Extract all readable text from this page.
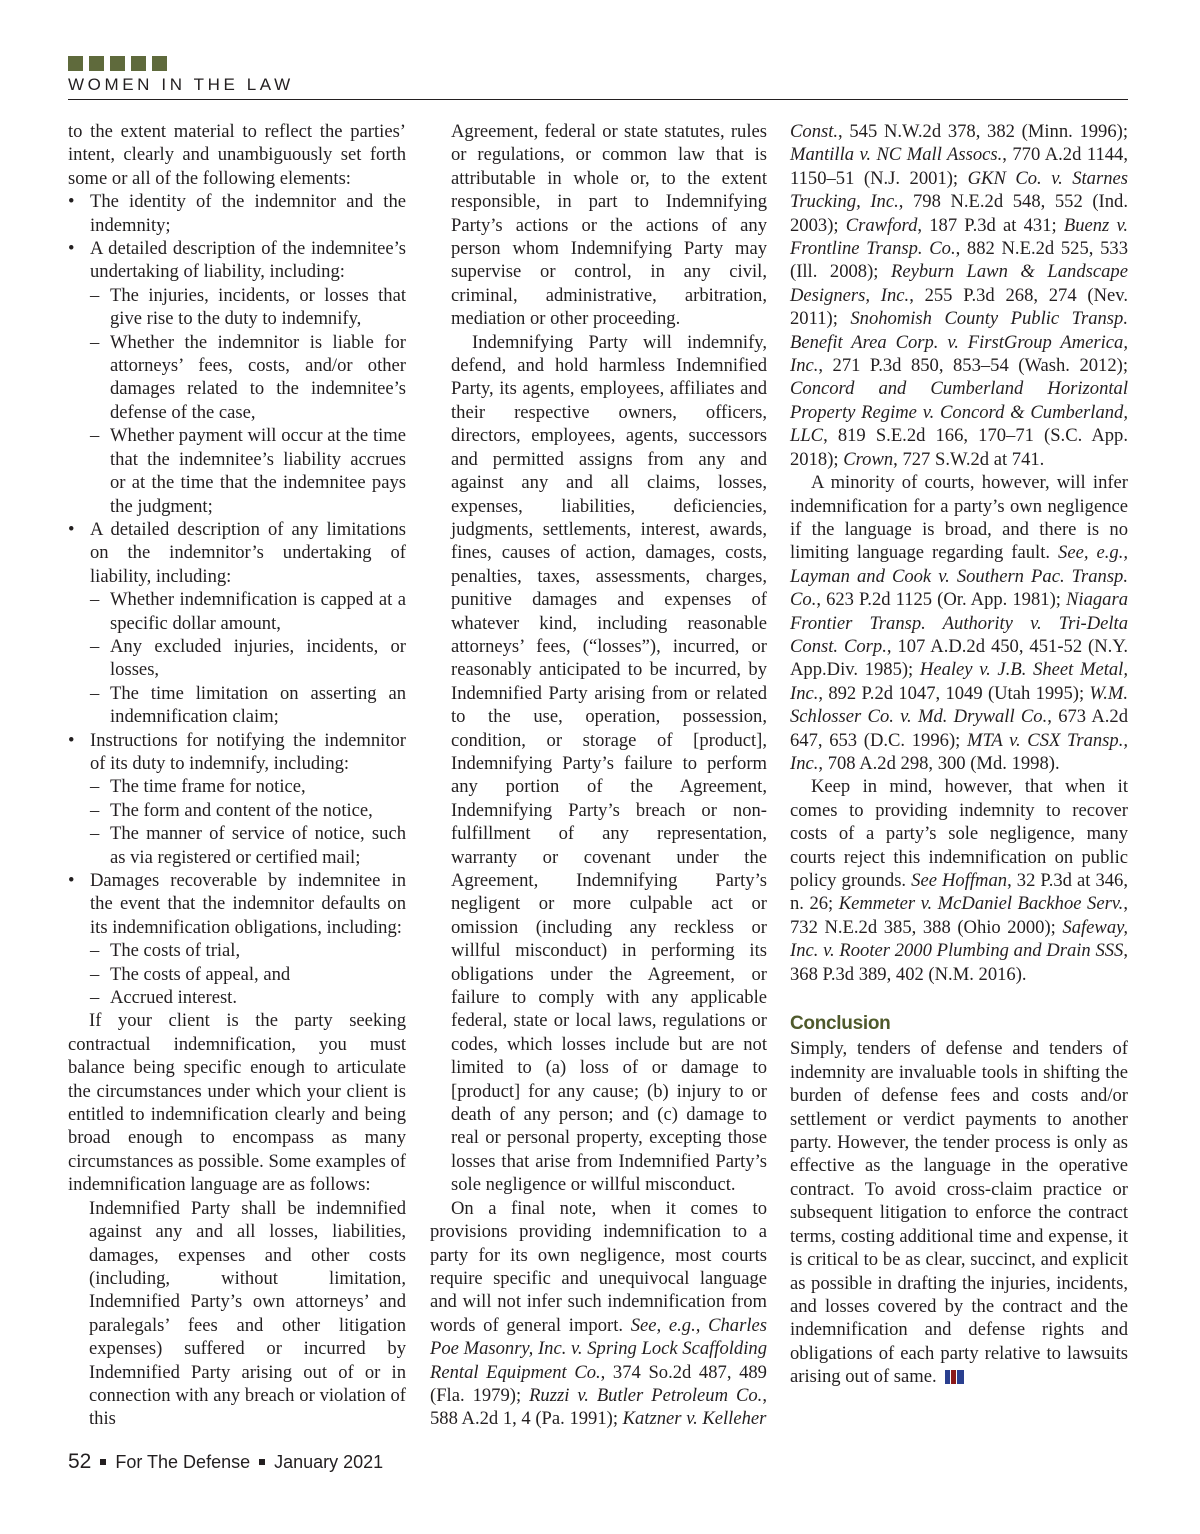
WOMEN IN THE LAW

to the extent material to reflect the parties’ intent, clearly and unambiguously set forth some or all of the following elements:

• The identity of the indemnitor and the indemnity;
• A detailed description of the indemnitee’s undertaking of liability, including:
– The injuries, incidents, or losses that give rise to the duty to indemnify,
– Whether the indemnitor is liable for attorneys’ fees, costs, and/or other damages related to the indemnitee’s defense of the case,
– Whether payment will occur at the time that the indemnitee’s liability accrues or at the time that the indemnitee pays the judgment;
• A detailed description of any limitations on the indemnitor’s undertaking of liability, including:
– Whether indemnification is capped at a specific dollar amount,
– Any excluded injuries, incidents, or losses,
– The time limitation on asserting an indemnification claim;
• Instructions for notifying the indemnitor of its duty to indemnify, including:
– The time frame for notice,
– The form and content of the notice,
– The manner of service of notice, such as via registered or certified mail;
• Damages recoverable by indemnitee in the event that the indemnitor defaults on its indemnification obligations, including:
– The costs of trial,
– The costs of appeal, and
– Accrued interest.

If your client is the party seeking contractual indemnification, you must balance being specific enough to articulate the circumstances under which your client is entitled to indemnification clearly and being broad enough to encompass as many circumstances as possible. Some examples of indemnification language are as follows:

Indemnified Party shall be indemnified against any and all losses, liabilities, damages, expenses and other costs (including, without limitation, Indemnified Party’s own attorneys’ and paralegals’ fees and other litigation expenses) suffered or incurred by Indemnified Party arising out of or in connection with any breach or violation of this

Agreement, federal or state statutes, rules or regulations, or common law that is attributable in whole or, to the extent responsible, in part to Indemnifying Party’s actions or the actions of any person whom Indemnifying Party may supervise or control, in any civil, criminal, administrative, arbitration, mediation or other proceeding.

Indemnifying Party will indemnify, defend, and hold harmless Indemnified Party, its agents, employees, affiliates and their respective owners, officers, directors, employees, agents, successors and permitted assigns from any and against any and all claims, losses, expenses, liabilities, deficiencies, judgments, settlements, interest, awards, fines, causes of action, damages, costs, penalties, taxes, assessments, charges, punitive damages and expenses of whatever kind, including reasonable attorneys’ fees, (“losses”), incurred, or reasonably anticipated to be incurred, by Indemnified Party arising from or related to the use, operation, possession, condition, or storage of [product], Indemnifying Party’s failure to perform any portion of the Agreement, Indemnifying Party’s breach or non-fulfillment of any representation, warranty or covenant under the Agreement, Indemnifying Party’s negligent or more culpable act or omission (including any reckless or willful misconduct) in performing its obligations under the Agreement, or failure to comply with any applicable federal, state or local laws, regulations or codes, which losses include but are not limited to (a) loss of or damage to [product] for any cause; (b) injury to or death of any person; and (c) damage to real or personal property, excepting those losses that arise from Indemnified Party’s sole negligence or willful misconduct.

On a final note, when it comes to provisions providing indemnification to a party for its own negligence, most courts require specific and unequivocal language and will not infer such indemnification from words of general import. See, e.g., Charles Poe Masonry, Inc. v. Spring Lock Scaffolding Rental Equipment Co., 374 So.2d 487, 489 (Fla. 1979); Ruzzi v. Butler Petroleum Co., 588 A.2d 1, 4 (Pa. 1991); Katzner v. Kelleher

Const., 545 N.W.2d 378, 382 (Minn. 1996); Mantilla v. NC Mall Assocs., 770 A.2d 1144, 1150–51 (N.J. 2001); GKN Co. v. Starnes Trucking, Inc., 798 N.E.2d 548, 552 (Ind. 2003); Crawford, 187 P.3d at 431; Buenz v. Frontline Transp. Co., 882 N.E.2d 525, 533 (Ill. 2008); Reyburn Lawn & Landscape Designers, Inc., 255 P.3d 268, 274 (Nev. 2011); Snohomish County Public Transp. Benefit Area Corp. v. FirstGroup America, Inc., 271 P.3d 850, 853–54 (Wash. 2012); Concord and Cumberland Horizontal Property Regime v. Concord & Cumberland, LLC, 819 S.E.2d 166, 170–71 (S.C. App. 2018); Crown, 727 S.W.2d at 741.

A minority of courts, however, will infer indemnification for a party’s own negligence if the language is broad, and there is no limiting language regarding fault. See, e.g., Layman and Cook v. Southern Pac. Transp. Co., 623 P.2d 1125 (Or. App. 1981); Niagara Frontier Transp. Authority v. Tri-Delta Const. Corp., 107 A.D.2d 450, 451-52 (N.Y. App.Div. 1985); Healey v. J.B. Sheet Metal, Inc., 892 P.2d 1047, 1049 (Utah 1995); W.M. Schlosser Co. v. Md. Drywall Co., 673 A.2d 647, 653 (D.C. 1996); MTA v. CSX Transp., Inc., 708 A.2d 298, 300 (Md. 1998).

Keep in mind, however, that when it comes to providing indemnity to recover costs of a party’s sole negligence, many courts reject this indemnification on public policy grounds. See Hoffman, 32 P.3d at 346, n. 26; Kemmeter v. McDaniel Backhoe Serv., 732 N.E.2d 385, 388 (Ohio 2000); Safeway, Inc. v. Rooter 2000 Plumbing and Drain SSS, 368 P.3d 389, 402 (N.M. 2016).

Conclusion

Simply, tenders of defense and tenders of indemnity are invaluable tools in shifting the burden of defense fees and costs and/or settlement or verdict payments to another party. However, the tender process is only as effective as the language in the operative contract. To avoid cross-claim practice or subsequent litigation to enforce the contract terms, costing additional time and expense, it is critical to be as clear, succinct, and explicit as possible in drafting the injuries, incidents, and losses covered by the contract and the indemnification and defense rights and obligations of each party relative to lawsuits arising out of same.

52 For The Defense January 2021
